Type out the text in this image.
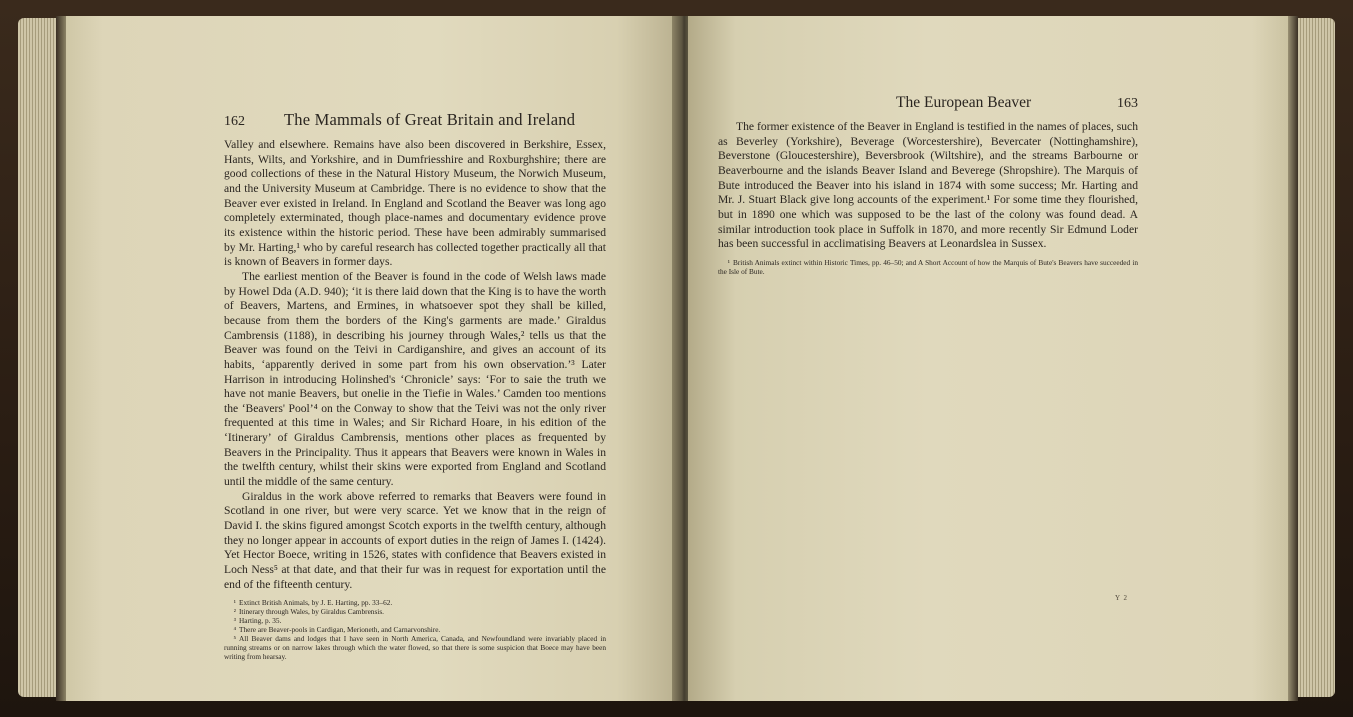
162	The Mammals of Great Britain and Ireland

Valley and elsewhere. Remains have also been discovered in Berkshire, Essex, Hants, Wilts, and Yorkshire, and in Dumfriesshire and Roxburghshire; there are good collections of these in the Natural History Museum, the Norwich Museum, and the University Museum at Cambridge. There is no evidence to show that the Beaver ever existed in Ireland. In England and Scotland the Beaver was long ago completely exterminated, though place-names and documentary evidence prove its existence within the historic period. These have been admirably summarised by Mr. Harting,¹ who by careful research has collected together practically all that is known of Beavers in former days.

The earliest mention of the Beaver is found in the code of Welsh laws made by Howel Dda (A.D. 940); ‘it is there laid down that the King is to have the worth of Beavers, Martens, and Ermines, in whatsoever spot they shall be killed, because from them the borders of the King's garments are made.’ Giraldus Cambrensis (1188), in describing his journey through Wales,² tells us that the Beaver was found on the Teivi in Cardiganshire, and gives an account of its habits, ‘apparently derived in some part from his own observation.’³ Later Harrison in introducing Holinshed's ‘Chronicle’ says: ‘For to saie the truth we have not manie Beavers, but onelie in the Tiefie in Wales.’ Camden too mentions the ‘Beavers' Pool’⁴ on the Conway to show that the Teivi was not the only river frequented at this time in Wales; and Sir Richard Hoare, in his edition of the ‘Itinerary’ of Giraldus Cambrensis, mentions other places as frequented by Beavers in the Principality. Thus it appears that Beavers were known in Wales in the twelfth century, whilst their skins were exported from England and Scotland until the middle of the same century.

Giraldus in the work above referred to remarks that Beavers were found in Scotland in one river, but were very scarce. Yet we know that in the reign of David I. the skins figured amongst Scotch exports in the twelfth century, although they no longer appear in accounts of export duties in the reign of James I. (1424). Yet Hector Boece, writing in 1526, states with confidence that Beavers existed in Loch Ness⁵ at that date, and that their fur was in request for exportation until the end of the fifteenth century.

¹ Extinct British Animals, by J. E. Harting, pp. 33–62.

² Itinerary through Wales, by Giraldus Cambrensis.

³ Harting, p. 35.

⁴ There are Beaver-pools in Cardigan, Merioneth, and Carnarvonshire.

⁵ All Beaver dams and lodges that I have seen in North America, Canada, and Newfoundland were invariably placed in running streams or on narrow lakes through which the water flowed, so that there is some suspicion that Boece may have been writing from hearsay.

The European Beaver	163

The former existence of the Beaver in England is testified in the names of places, such as Beverley (Yorkshire), Beverage (Worcestershire), Bevercater (Nottinghamshire), Beverstone (Gloucestershire), Beversbrook (Wiltshire), and the streams Barbourne or Beaverbourne and the islands Beaver Island and Beverege (Shropshire). The Marquis of Bute introduced the Beaver into his island in 1874 with some success; Mr. Harting and Mr. J. Stuart Black give long accounts of the experiment.¹ For some time they flourished, but in 1890 one which was supposed to be the last of the colony was found dead. A similar introduction took place in Suffolk in 1870, and more recently Sir Edmund Loder has been successful in acclimatising Beavers at Leonardslea in Sussex.

¹ British Animals extinct within Historic Times, pp. 46–50; and A Short Account of how the Marquis of Bute's Beavers have succeeded in the Isle of Bute.

Y 2
